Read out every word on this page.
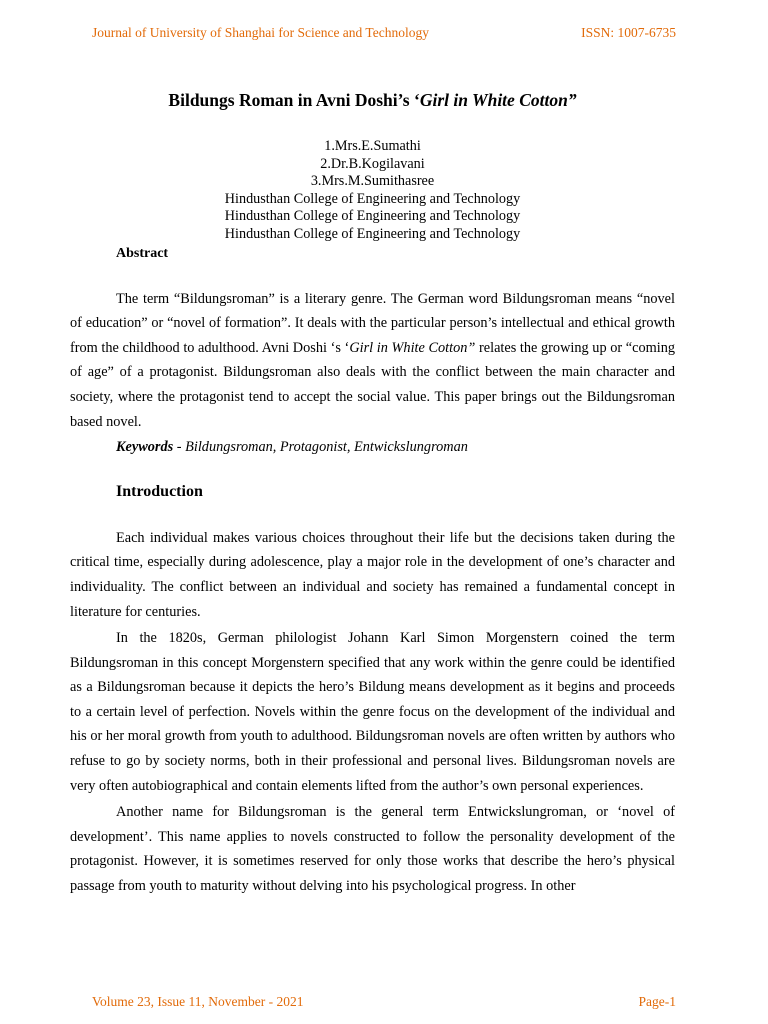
Journal of University of Shanghai for Science and Technology	ISSN: 1007-6735
Bildungs Roman in Avni Doshi’s ‘Girl in White Cotton”
1.Mrs.E.Sumathi
2.Dr.B.Kogilavani
3.Mrs.M.Sumithasree
Hindusthan College of Engineering and Technology
Hindusthan College of Engineering and Technology
Hindusthan College of Engineering and Technology
Abstract

The term “Bildungsroman” is a literary genre. The German word Bildungsroman means “novel of education” or “novel of formation”. It deals with the particular person’s intellectual and ethical growth from the childhood to adulthood. Avni Doshi ‘s ‘Girl in White Cotton” relates the growing up or “coming of age” of a protagonist. Bildungsroman also deals with the conflict between the main character and society, where the protagonist tend to accept the social value. This paper brings out the Bildungsroman based novel.

Keywords - Bildungsroman, Protagonist, Entwickslungroman
Introduction

Each individual makes various choices throughout their life but the decisions taken during the critical time, especially during adolescence, play a major role in the development of one’s character and individuality. The conflict between an individual and society has remained a fundamental concept in literature for centuries.

In the 1820s, German philologist Johann Karl Simon Morgenstern coined the term Bildungsroman in this concept Morgenstern specified that any work within the genre could be identified as a Bildungsroman because it depicts the hero’s Bildung means development as it begins and proceeds to a certain level of perfection. Novels within the genre focus on the development of the individual and his or her moral growth from youth to adulthood. Bildungsroman novels are often written by authors who refuse to go by society norms, both in their professional and personal lives. Bildungsroman novels are very often autobiographical and contain elements lifted from the author’s own personal experiences.

Another name for Bildungsroman is the general term Entwickslungroman, or ‘novel of development’. This name applies to novels constructed to follow the personality development of the protagonist. However, it is sometimes reserved for only those works that describe the hero’s physical passage from youth to maturity without delving into his psychological progress. In other

Volume 23, Issue 11, November - 2021	Page-1
